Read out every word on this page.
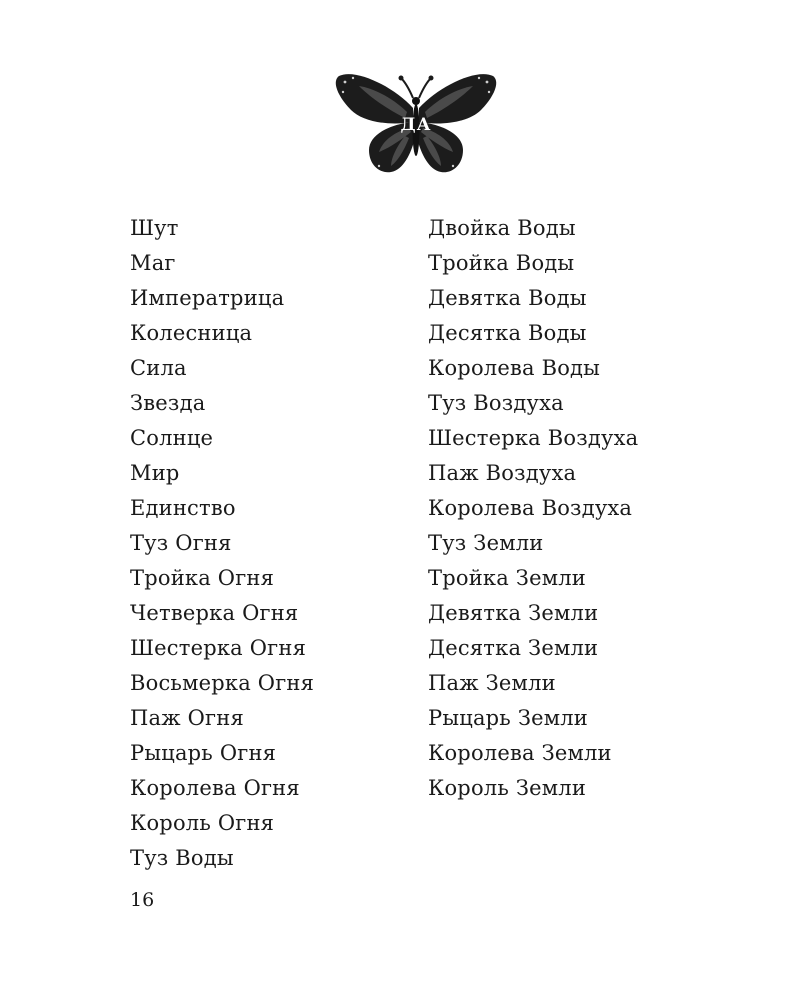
ДА
Шут
Маг
Императрица
Колесница
Сила
Звезда
Солнце
Мир
Единство
Туз Огня
Тройка Огня
Четверка Огня
Шестерка Огня
Восьмерка Огня
Паж Огня
Рыцарь Огня
Королева Огня
Король Огня
Туз Воды
Двойка Воды
Тройка Воды
Девятка Воды
Десятка Воды
Королева Воды
Туз Воздуха
Шестерка Воздуха
Паж Воздуха
Королева Воздуха
Туз Земли
Тройка Земли
Девятка Земли
Десятка Земли
Паж Земли
Рыцарь Земли
Королева Земли
Король Земли
16
